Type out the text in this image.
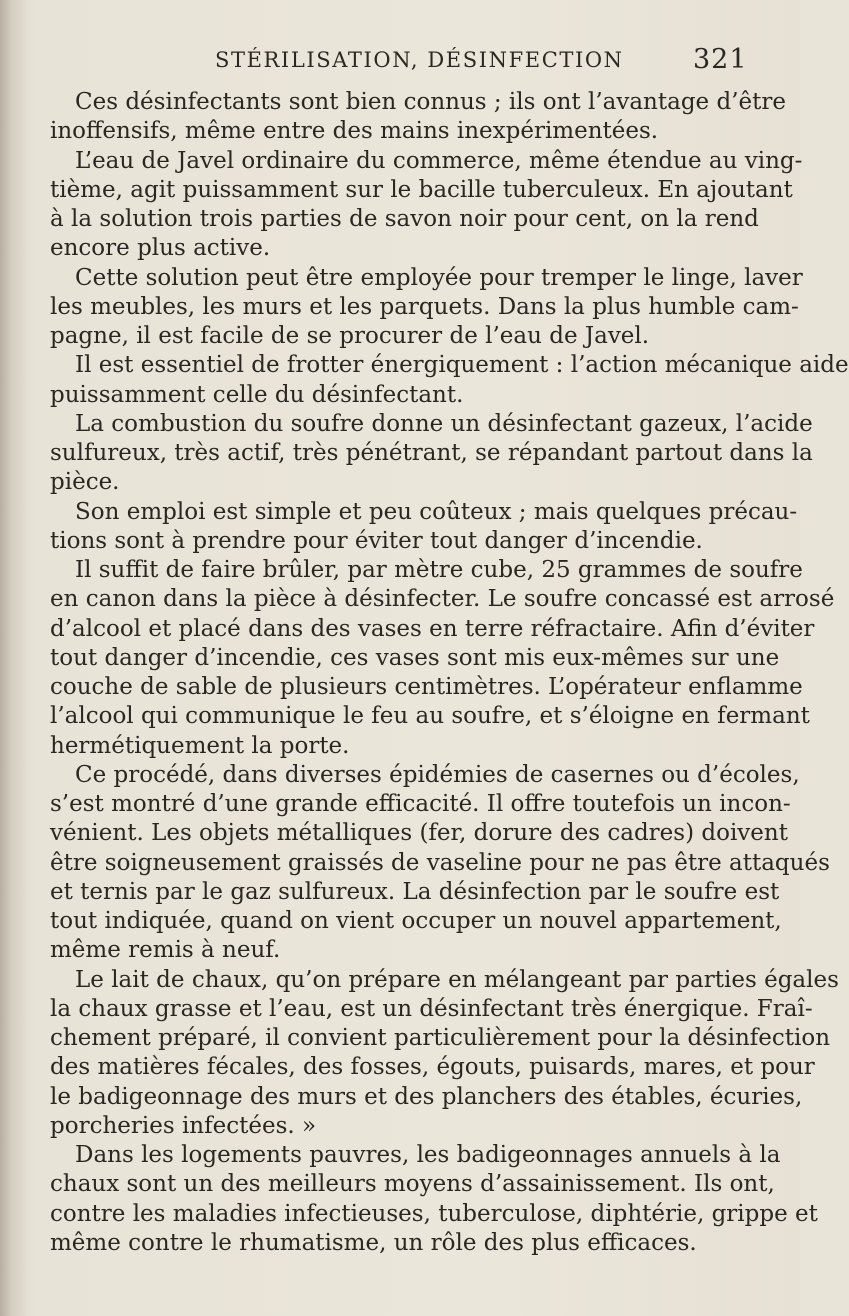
STÉRILISATION, DÉSINFECTION	321
Ces désinfectants sont bien connus ; ils ont l’avantage d’être
inoffensifs, même entre des mains inexpérimentées.
L’eau de Javel ordinaire du commerce, même étendue au ving-
tième, agit puissamment sur le bacille tuberculeux. En ajoutant
à la solution trois parties de savon noir pour cent, on la rend
encore plus active.
Cette solution peut être employée pour tremper le linge, laver
les meubles, les murs et les parquets. Dans la plus humble cam-
pagne, il est facile de se procurer de l’eau de Javel.
Il est essentiel de frotter énergiquement : l’action mécanique aide
puissamment celle du désinfectant.
La combustion du soufre donne un désinfectant gazeux, l’acide
sulfureux, très actif, très pénétrant, se répandant partout dans la
pièce.
Son emploi est simple et peu coûteux ; mais quelques précau-
tions sont à prendre pour éviter tout danger d’incendie.
Il suffit de faire brûler, par mètre cube, 25 grammes de soufre
en canon dans la pièce à désinfecter. Le soufre concassé est arrosé
d’alcool et placé dans des vases en terre réfractaire. Afin d’éviter
tout danger d’incendie, ces vases sont mis eux-mêmes sur une
couche de sable de plusieurs centimètres. L’opérateur enflamme
l’alcool qui communique le feu au soufre, et s’éloigne en fermant
hermétiquement la porte.
Ce procédé, dans diverses épidémies de casernes ou d’écoles,
s’est montré d’une grande efficacité. Il offre toutefois un incon-
vénient. Les objets métalliques (fer, dorure des cadres) doivent
être soigneusement graissés de vaseline pour ne pas être attaqués
et ternis par le gaz sulfureux. La désinfection par le soufre est
tout indiquée, quand on vient occuper un nouvel appartement,
même remis à neuf.
Le lait de chaux, qu’on prépare en mélangeant par parties égales
la chaux grasse et l’eau, est un désinfectant très énergique. Fraî-
chement préparé, il convient particulièrement pour la désinfection
des matières fécales, des fosses, égouts, puisards, mares, et pour
le badigeonnage des murs et des planchers des étables, écuries,
porcheries infectées. »
Dans les logements pauvres, les badigeonnages annuels à la
chaux sont un des meilleurs moyens d’assainissement. Ils ont,
contre les maladies infectieuses, tuberculose, diphtérie, grippe et
même contre le rhumatisme, un rôle des plus efficaces.
